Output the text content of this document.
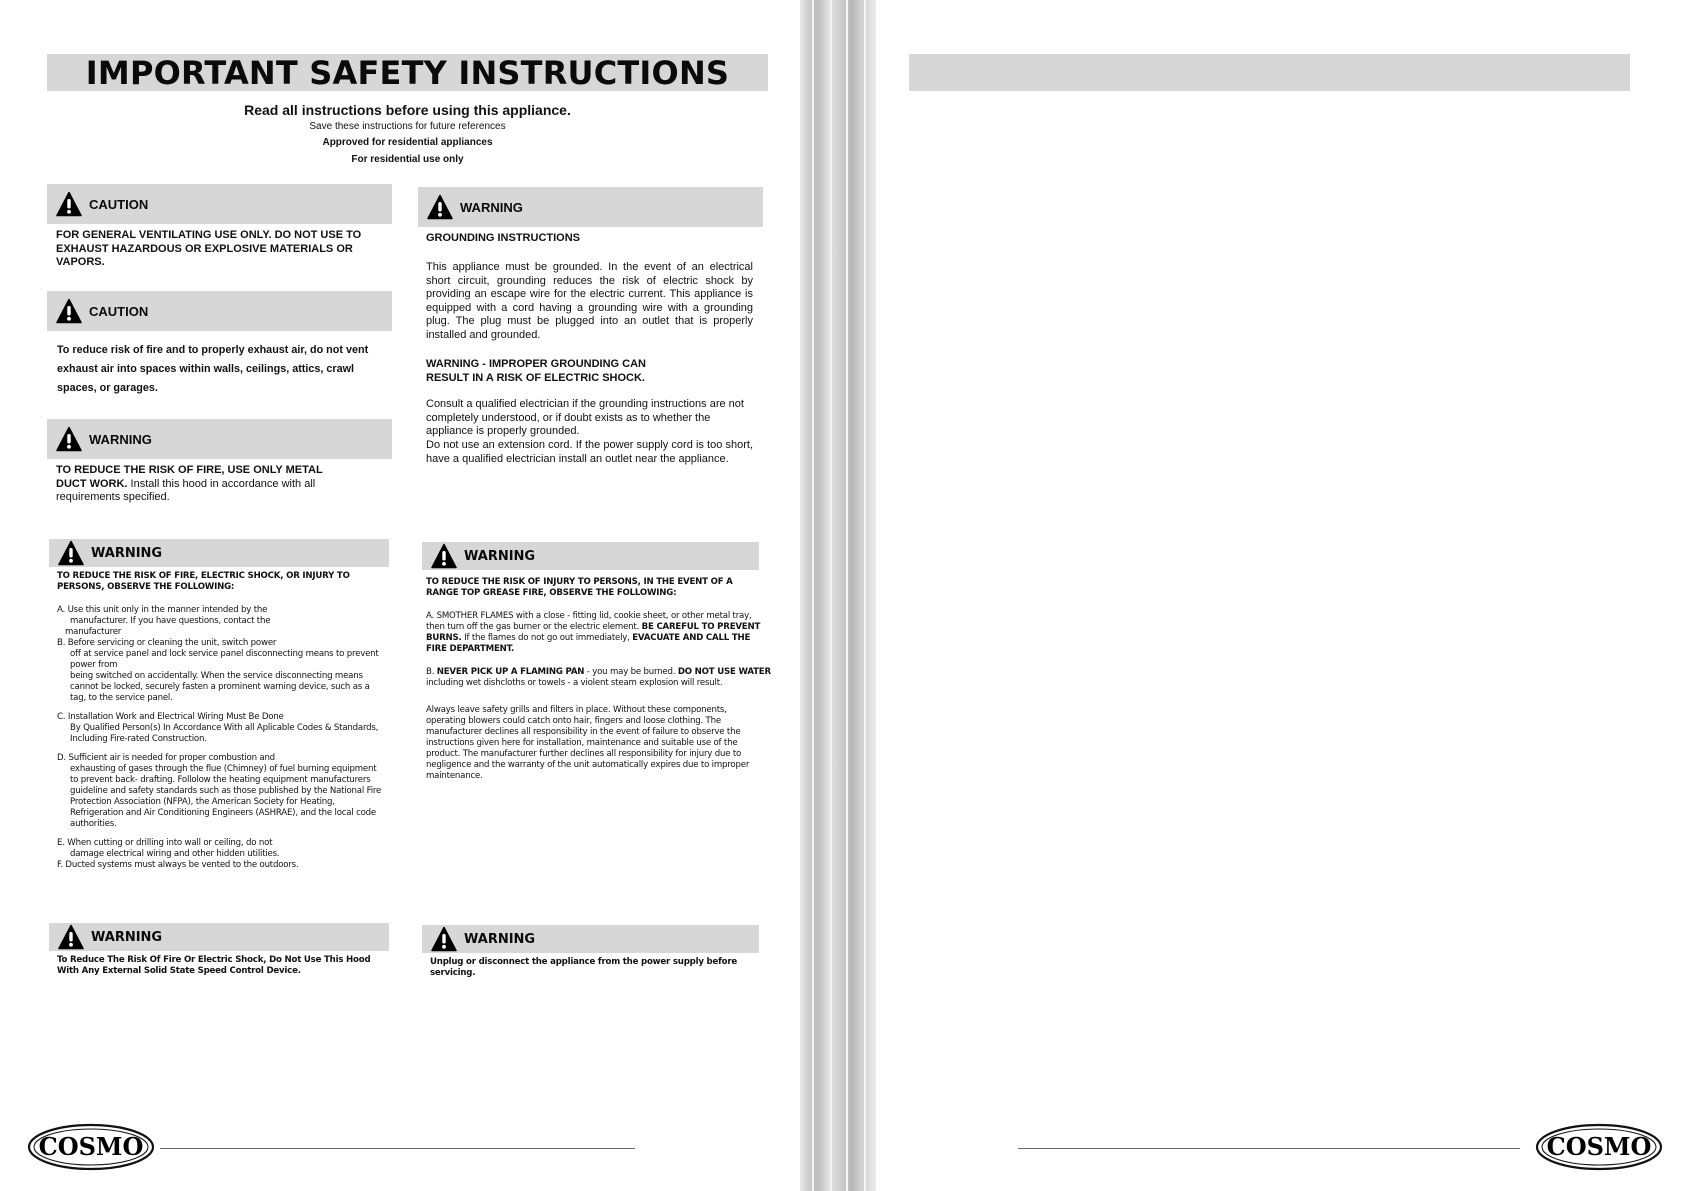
IMPORTANT SAFETY INSTRUCTIONS
Read all instructions before using this appliance.
Save these instructions for future references
Approved for residential appliances
For residential use only
CAUTION
FOR GENERAL VENTILATING USE ONLY. DO NOT USE TO EXHAUST HAZARDOUS OR EXPLOSIVE MATERIALS OR VAPORS.
CAUTION
To reduce risk of fire and to properly exhaust air, do not vent exhaust air into spaces within walls, ceilings, attics, crawl spaces, or garages.
WARNING
TO REDUCE THE RISK OF FIRE, USE ONLY METAL DUCT WORK. Install this hood in accordance with all requirements specified.
WARNING
TO REDUCE THE RISK OF FIRE, ELECTRIC SHOCK, OR INJURY TO PERSONS, OBSERVE THE FOLLOWING:
A. Use this unit only in the manner intended by the
manufacturer. If you have questions, contact the
manufacturer
B. Before servicing or cleaning the unit, switch power
off at service panel and lock service panel disconnecting means to prevent power from
being switched on accidentally. When the service disconnecting means cannot be locked, securely fasten a prominent warning device, such as a tag, to the service panel.
C. Installation Work and Electrical Wiring Must Be Done
By Qualified Person(s) In Accordance With all Aplicable Codes & Standards, Including Fire-rated Construction.
D. Sufficient air is needed for proper combustion and
exhausting of gases through the flue (Chimney) of fuel burning equipment to prevent back- drafting. Follolow the heating equipment manufacturers guideline and safety standards such as those published by the National Fire Protection Association (NFPA), the American Society for Heating, Refrigeration and Air Conditioning Engineers (ASHRAE), and the local code authorities.
E. When cutting or drilling into wall or ceiling, do not
damage electrical wiring and other hidden utilities.
F. Ducted systems must always be vented to the outdoors.
WARNING
To Reduce The Risk Of Fire Or Electric Shock, Do Not Use This Hood With Any External Solid State Speed Control Device.
WARNING
GROUNDING INSTRUCTIONS
This appliance must be grounded. In the event of an electrical short circuit, grounding reduces the risk of electric shock by providing an escape wire for the electric current. This appliance is equipped with a cord having a grounding wire with a grounding plug. The plug must be plugged into an outlet that is properly installed and grounded.
WARNING - IMPROPER GROUNDING CAN RESULT IN A RISK OF ELECTRIC SHOCK.
Consult a qualified electrician if the grounding instructions are not completely understood, or if doubt exists as to whether the appliance is properly grounded.
Do not use an extension cord. If the power supply cord is too short, have a qualified electrician install an outlet near the appliance.
WARNING
TO REDUCE THE RISK OF INJURY TO PERSONS, IN THE EVENT OF A RANGE TOP GREASE FIRE, OBSERVE THE FOLLOWING:
A. SMOTHER FLAMES with a close - fitting lid, cookie sheet, or other metal tray, then turn off the gas burner or the electric element. BE CAREFUL TO PREVENT BURNS. If the flames do not go out immediately, EVACUATE AND CALL THE FIRE DEPARTMENT.
B. NEVER PICK UP A FLAMING PAN - you may be burned. DO NOT USE WATER including wet dishcloths or towels - a violent steam explosion will result.
Always leave safety grills and filters in place. Without these components, operating blowers could catch onto hair, fingers and loose clothing. The manufacturer declines all responsibility in the event of failure to observe the instructions given here for installation, maintenance and suitable use of the product. The manufacturer further declines all responsibility for injury due to negligence and the warranty of the unit automatically expires due to improper maintenance.
WARNING
Unplug or disconnect the appliance from the power supply before servicing.
COSMO	COSMO
